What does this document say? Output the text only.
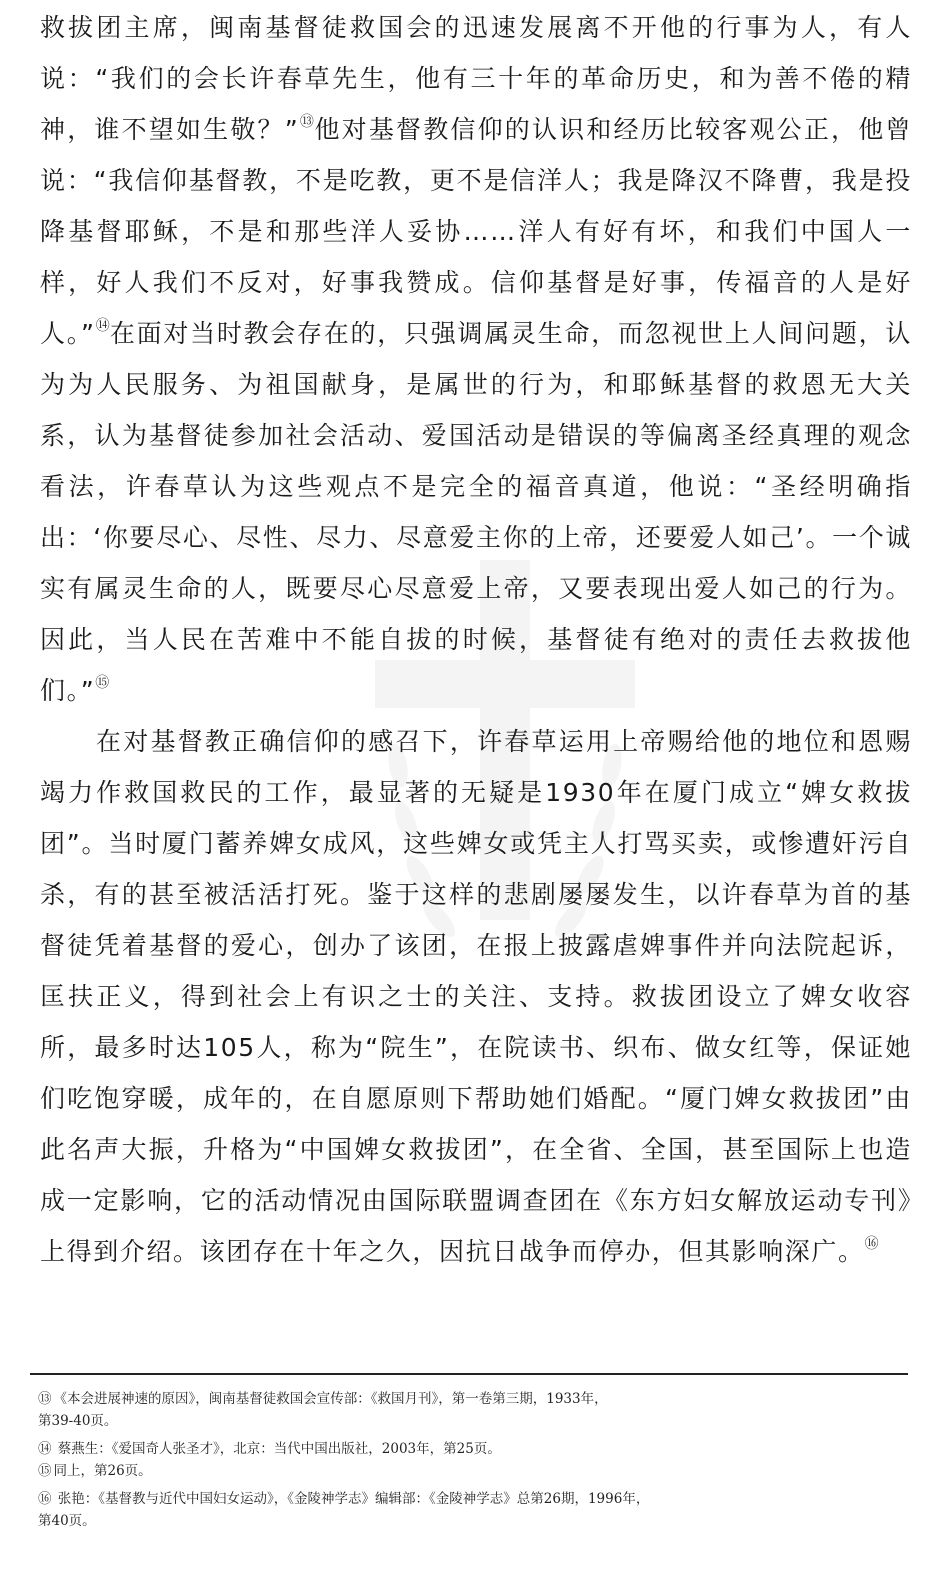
救拔团主席，闽南基督徒救国会的迅速发展离不开他的行事为人，有人说：“我们的会长许春草先生，他有三十年的革命历史，和为善不倦的精神，谁不望如生敬？”⑬他对基督教信仰的认识和经历比较客观公正，他曾说：“我信仰基督教，不是吃教，更不是信洋人；我是降汉不降曹，我是投降基督耶稣，不是和那些洋人妥协……洋人有好有坏，和我们中国人一样，好人我们不反对，好事我赞成。信仰基督是好事，传福音的人是好人。”⑭在面对当时教会存在的，只强调属灵生命，而忽视世上人间问题，认为为人民服务、为祖国献身，是属世的行为，和耶稣基督的救恩无大关系，认为基督徒参加社会活动、爱国活动是错误的等偏离圣经真理的观念看法，许春草认为这些观点不是完全的福音真道，他说：“圣经明确指出：‘你要尽心、尽性、尽力、尽意爱主你的上帝，还要爱人如己’。一个诚实有属灵生命的人，既要尽心尽意爱上帝，又要表现出爱人如己的行为。因此，当人民在苦难中不能自拔的时候，基督徒有绝对的责任去救拔他们。”⑮

在对基督教正确信仰的感召下，许春草运用上帝赐给他的地位和恩赐竭力作救国救民的工作，最显著的无疑是1930年在厦门成立“婢女救拔团”。当时厦门蓄养婢女成风，这些婢女或凭主人打骂买卖，或惨遭奸污自杀，有的甚至被活活打死。鉴于这样的悲剧屡屡发生，以许春草为首的基督徒凭着基督的爱心，创办了该团，在报上披露虐婢事件并向法院起诉，匡扶正义，得到社会上有识之士的关注、支持。救拔团设立了婢女收容所，最多时达105人，称为“院生”，在院读书、织布、做女红等，保证她们吃饱穿暖，成年的，在自愿原则下帮助她们婚配。“厦门婢女救拔团”由此名声大振，升格为“中国婢女救拔团”，在全省、全国，甚至国际上也造成一定影响，它的活动情况由国际联盟调查团在《东方妇女解放运动专刊》上得到介绍。该团存在十年之久，因抗日战争而停办，但其影响深广。⑯

⑬ 《本会进展神速的原因》，闽南基督徒救国会宣传部：《救国月刊》，第一卷第三期，1933年，
第39-40页。
⑭ 蔡燕生：《爱国奇人张圣才》，北京：当代中国出版社，2003年，第25页。
⑮ 同上，第26页。
⑯ 张艳：《基督教与近代中国妇女运动》，《金陵神学志》编辑部：《金陵神学志》总第26期，1996年，
第40页。
